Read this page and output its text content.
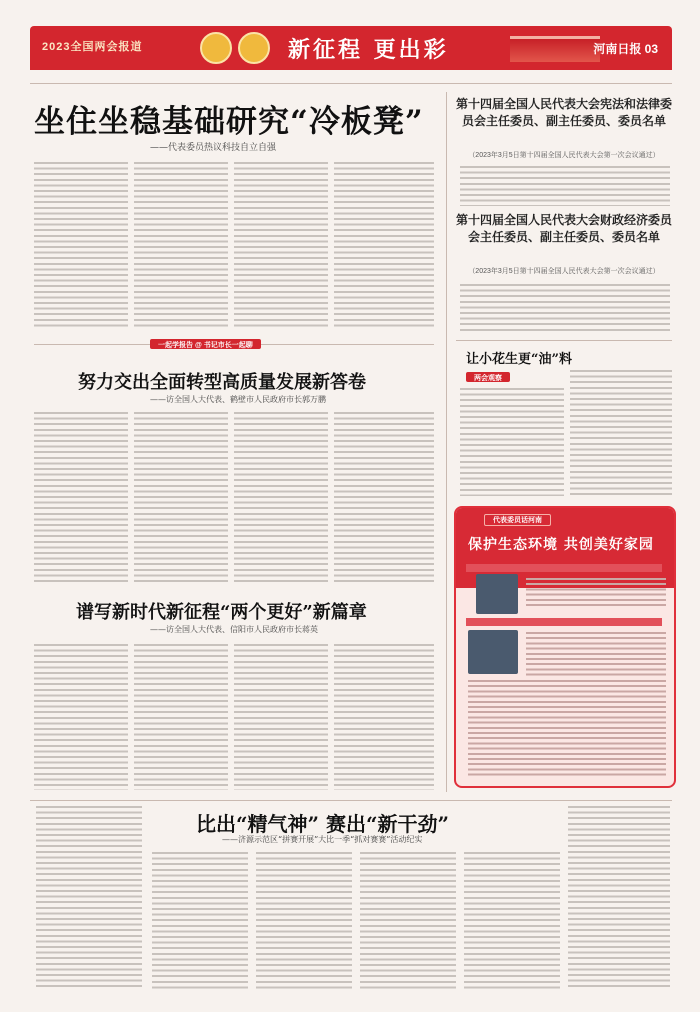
2023全国两会报道	新征程 更出彩	河南日报 03
坐住坐稳基础研究“冷板凳”
——代表委员热议科技自立自强
一起学报告 @ 书记市长一起聊
努力交出全面转型高质量发展新答卷
——访全国人大代表、鹤壁市人民政府市长郭万鹏
谱写新时代新征程“两个更好”新篇章
——访全国人大代表、信阳市人民政府市长蒋英
第十四届全国人民代表大会宪法和法律委员会主任委员、副主任委员、委员名单
（2023年3月5日第十四届全国人民代表大会第一次会议通过）
第十四届全国人民代表大会财政经济委员会主任委员、副主任委员、委员名单
（2023年3月5日第十四届全国人民代表大会第一次会议通过）
让小花生更“油”料
两会观察
代表委员话河南
保护生态环境 共创美好家园
比出“精气神” 赛出“新干劲”
——济源示范区“拼赛开展”大比一季“抓对赛赛”活动纪实
